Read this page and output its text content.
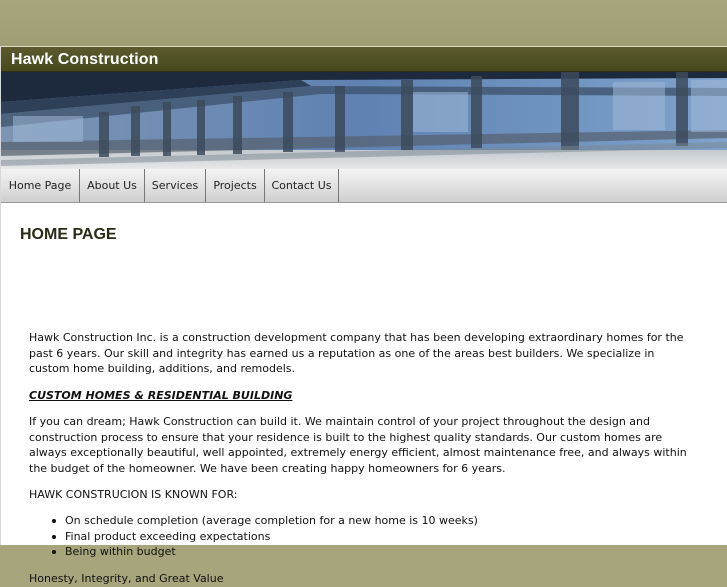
Hawk Construction
Home Page	About Us	Services	Projects	Contact Us
HOME PAGE

Hawk Construction Inc. is a construction development company that has been developing extraordinary homes for the past 6 years. Our skill and integrity has earned us a reputation as one of the areas best builders. We specialize in custom home building, additions, and remodels.

CUSTOM HOMES & RESIDENTIAL BUILDING

If you can dream; Hawk Construction can build it. We maintain control of your project throughout the design and construction process to ensure that your residence is built to the highest quality standards. Our custom homes are always exceptionally beautiful, well appointed, extremely energy efficient, almost maintenance free, and always within the budget of the homeowner. We have been creating happy homeowners for 6 years.

HAWK CONSTRUCION IS KNOWN FOR:

On schedule completion (average completion for a new home is 10 weeks)
Final product exceeding expectations
Being within budget

Honesty, Integrity, and Great Value
